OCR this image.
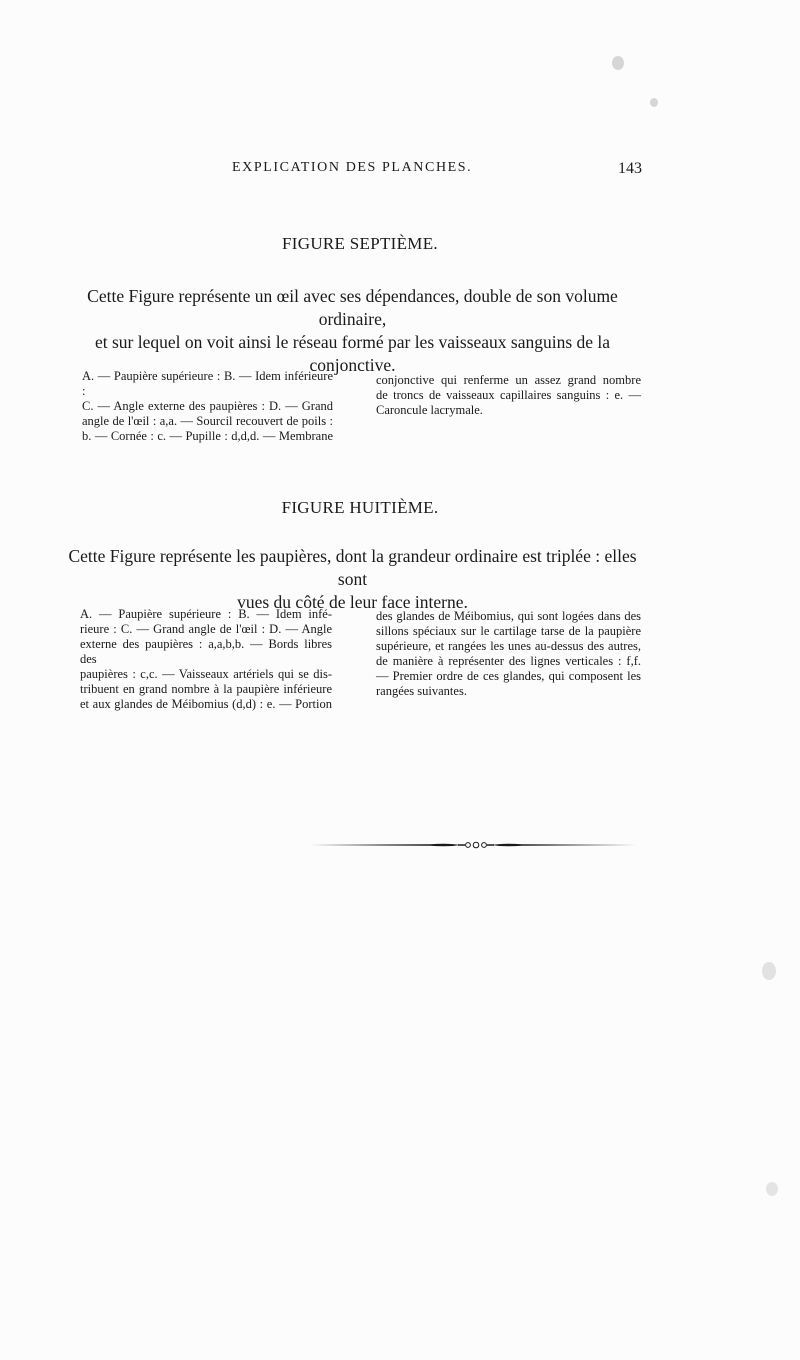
EXPLICATION DES PLANCHES.	143
FIGURE SEPTIÈME.
Cette Figure représente un œil avec ses dépendances, double de son volume ordinaire,
et sur lequel on voit ainsi le réseau formé par les vaisseaux sanguins de la conjonctive.
A. — Paupière supérieure : B. — Idem inférieure :
C. — Angle externe des paupières : D. — Grand
angle de l'œil : a,a. — Sourcil recouvert de poils :
b. — Cornée : c. — Pupille : d,d,d. — Membrane
conjonctive qui renferme un assez grand nombre
de troncs de vaisseaux capillaires sanguins : e. —
Caroncule lacrymale.
FIGURE HUITIÈME.
Cette Figure représente les paupières, dont la grandeur ordinaire est triplée : elles sont
vues du côté de leur face interne.
A. — Paupière supérieure : B. — Idem infé-
rieure : C. — Grand angle de l'œil : D. — Angle
externe des paupières : a,a,b,b. — Bords libres des
paupières : c,c. — Vaisseaux artériels qui se dis-
tribuent en grand nombre à la paupière inférieure
et aux glandes de Méibomius (d,d) : e. — Portion
des glandes de Méibomius, qui sont logées dans des
sillons spéciaux sur le cartilage tarse de la paupière
supérieure, et rangées les unes au-dessus des autres,
de manière à représenter des lignes verticales : f,f.
— Premier ordre de ces glandes, qui composent les
rangées suivantes.
